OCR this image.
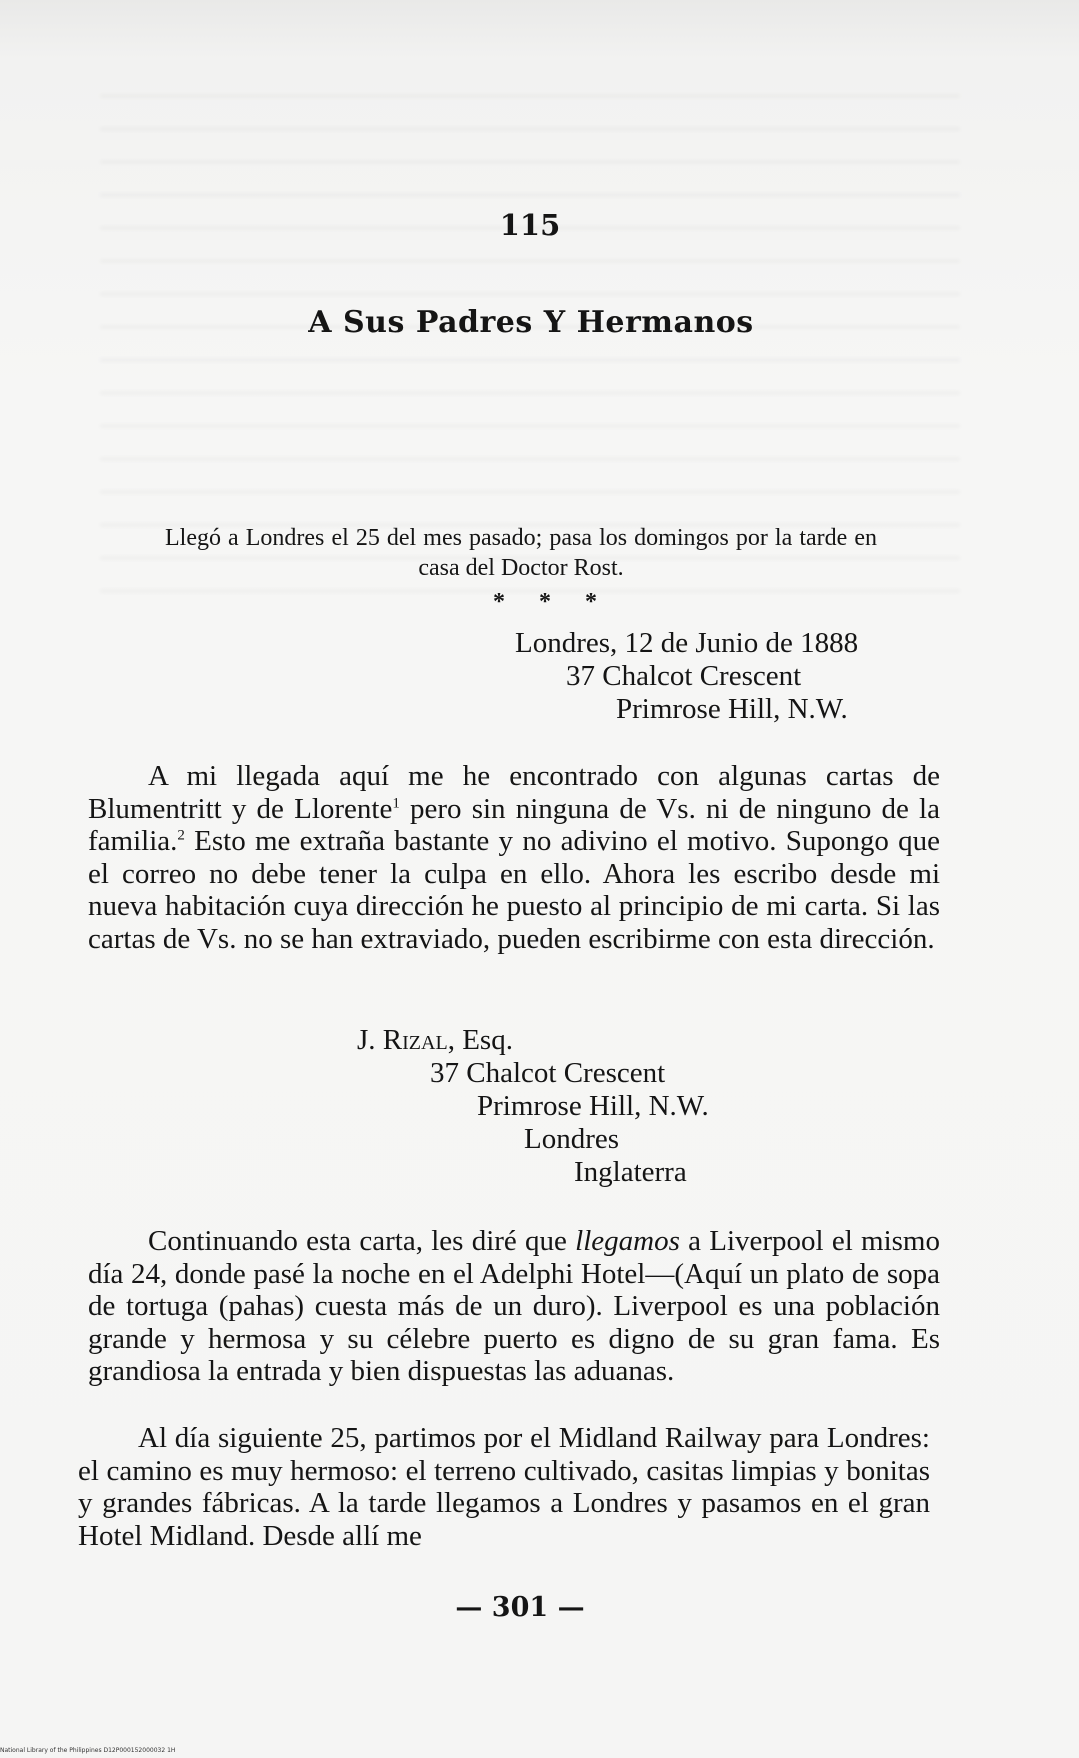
115
A Sus Padres Y Hermanos
Llegó a Londres el 25 del mes pasado; pasa los domingos por la tarde en casa del Doctor Rost.
* * *
Londres, 12 de Junio de 1888
37 Chalcot Crescent
Primrose Hill, N.W.

A mi llegada aquí me he encontrado con algunas cartas de Blumentritt y de Llorente$^1$ pero sin ninguna de Vs. ni de ninguno de la familia.$^2$ Esto me extraña bastante y no adivino el motivo. Supongo que el correo no debe tener la culpa en ello. Ahora les escribo desde mi nueva habitación cuya dirección he puesto al principio de mi carta. Si las cartas de Vs. no se han extraviado, pueden escribirme con esta dirección.

J. Rizal, Esq.
37 Chalcot Crescent
Primrose Hill, N.W.
Londres
Inglaterra

Continuando esta carta, les diré que llegamos a Liverpool el mismo día 24, donde pasé la noche en el Adelphi Hotel—(Aquí un plato de sopa de tortuga (pahas) cuesta más de un duro). Liverpool es una población grande y hermosa y su célebre puerto es digno de su gran fama. Es grandiosa la entrada y bien dispuestas las aduanas.

Al día siguiente 25, partimos por el Midland Railway para Londres: el camino es muy hermoso: el terreno cultivado, casitas limpias y bonitas y grandes fábricas. A la tarde llegamos a Londres y pasamos en el gran Hotel Midland. Desde allí me

— 301 —
National Library of the Philippines D12P000152000032 1H
